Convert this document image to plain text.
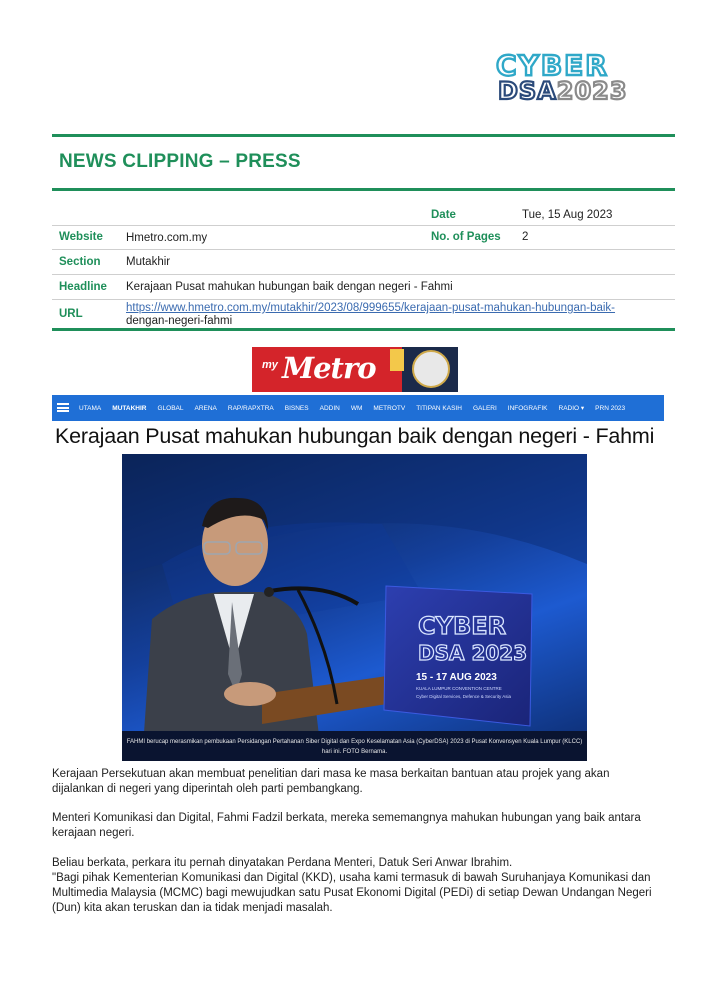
CYBER
DSA2023
NEWS CLIPPING – PRESS
Date	Tue, 15 Aug 2023
Website Hmetro.com.my	No. of Pages 2
Section Mutakhir
Headline Kerajaan Pusat mahukan hubungan baik dengan negeri - Fahmi
URL	https://www.hmetro.com.my/mutakhir/2023/08/999655/kerajaan-pusat-mahukan-hubungan-baik-
dengan-negeri-fahmi
my Metro
UTAMA MUTAKHIR GLOBAL ARENA RAP/RAPXTRA BISNES ADDIN WM METROTV TITIPAN KASIH GALERI INFOGRAFIK RADIO ▾ PRN 2023
Kerajaan Pusat mahukan hubungan baik dengan negeri - Fahmi
CYBER
DSA 2023
15 - 17 AUG 2023
KUALA LUMPUR CONVENTION CENTRE
Cyber Digital Services, Defence & Security Asia
FAHMI berucap merasmikan pembukaan Persidangan Pertahanan Siber Digital dan Expo Keselamatan Asia (CyberDSA) 2023 di Pusat Konvensyen Kuala Lumpur (KLCC) hari ini. FOTO Bernama.
Kerajaan Persekutuan akan membuat penelitian dari masa ke masa berkaitan bantuan atau projek yang akan dijalankan di negeri yang diperintah oleh parti pembangkang.
Menteri Komunikasi dan Digital, Fahmi Fadzil berkata, mereka sememangnya mahukan hubungan yang baik antara kerajaan negeri.
Beliau berkata, perkara itu pernah dinyatakan Perdana Menteri, Datuk Seri Anwar Ibrahim.
"Bagi pihak Kementerian Komunikasi dan Digital (KKD), usaha kami termasuk di bawah Suruhanjaya Komunikasi dan Multimedia Malaysia (MCMC) bagi mewujudkan satu Pusat Ekonomi Digital (PEDi) di setiap Dewan Undangan Negeri (Dun) kita akan teruskan dan ia tidak menjadi masalah.
